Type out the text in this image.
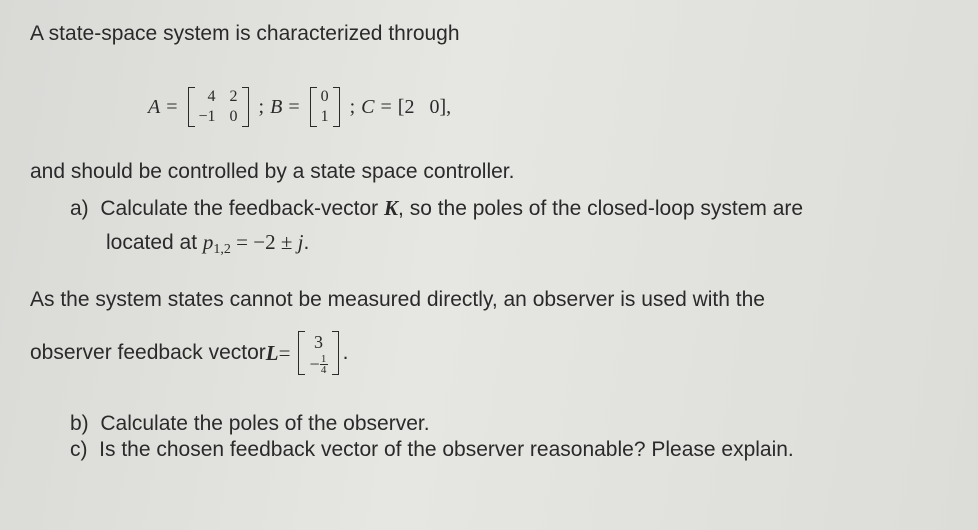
A state-space system is characterized through
A =	4 2
−1 0 ; B = 0
1 ; C = [2 0] ,
and should be controlled by a state space controller.
a) Calculate the feedback-vector K, so the poles of the closed-loop system are
located at $p_{1,2} = -2 \pm j$.
As the system states cannot be measured directly, an observer is used with the
observer feedback vector L = 3
− $\frac{1}{4}$ .
b) Calculate the poles of the observer.
c) Is the chosen feedback vector of the observer reasonable? Please explain.
